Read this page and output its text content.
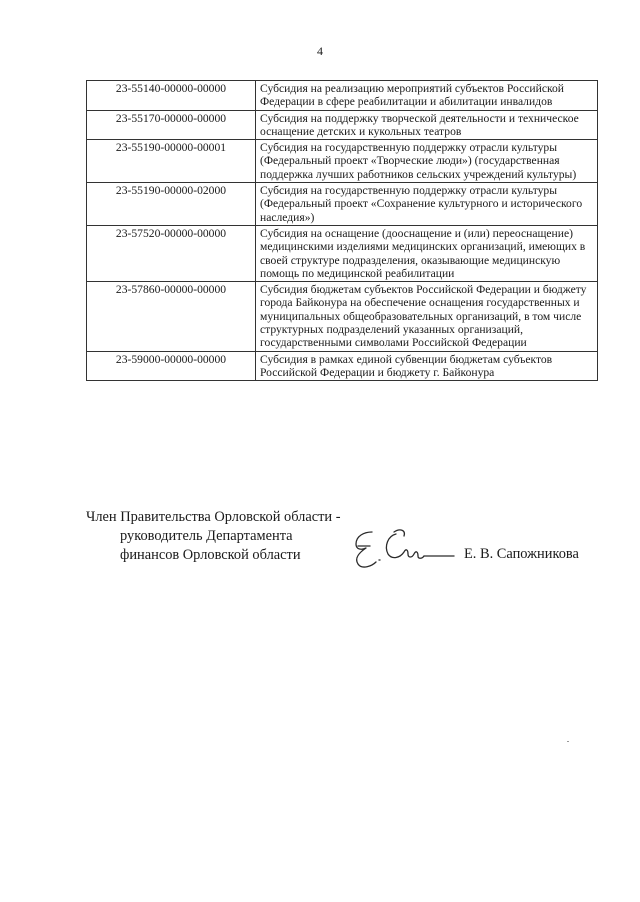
4
23-55140-00000-00000	Субсидия на реализацию мероприятий субъектов Российской Федерации в сфере реабилитации и абилитации инвалидов
23-55170-00000-00000	Субсидия на поддержку творческой деятельности и техническое оснащение детских и кукольных театров
23-55190-00000-00001	Субсидия на государственную поддержку отрасли культуры (Федеральный проект «Творческие люди») (государственная поддержка лучших работников сельских учреждений культуры)
23-55190-00000-02000	Субсидия на государственную поддержку отрасли культуры (Федеральный проект «Сохранение культурного и исторического наследия»)
23-57520-00000-00000	Субсидия на оснащение (дооснащение и (или) переоснащение) медицинскими изделиями медицинских организаций, имеющих в своей структуре подразделения, оказывающие медицинскую помощь по медицинской реабилитации
23-57860-00000-00000	Субсидия бюджетам субъектов Российской Федерации и бюджету города Байконура на обеспечение оснащения государственных и муниципальных общеобразовательных организаций, в том числе структурных подразделений указанных организаций, государственными символами Российской Федерации
23-59000-00000-00000	Субсидия в рамках единой субвенции бюджетам субъектов Российской Федерации и бюджету г. Байконура
Член Правительства Орловской области -
руководитель Департамента
финансов Орловской области	Е. В. Сапожникова
